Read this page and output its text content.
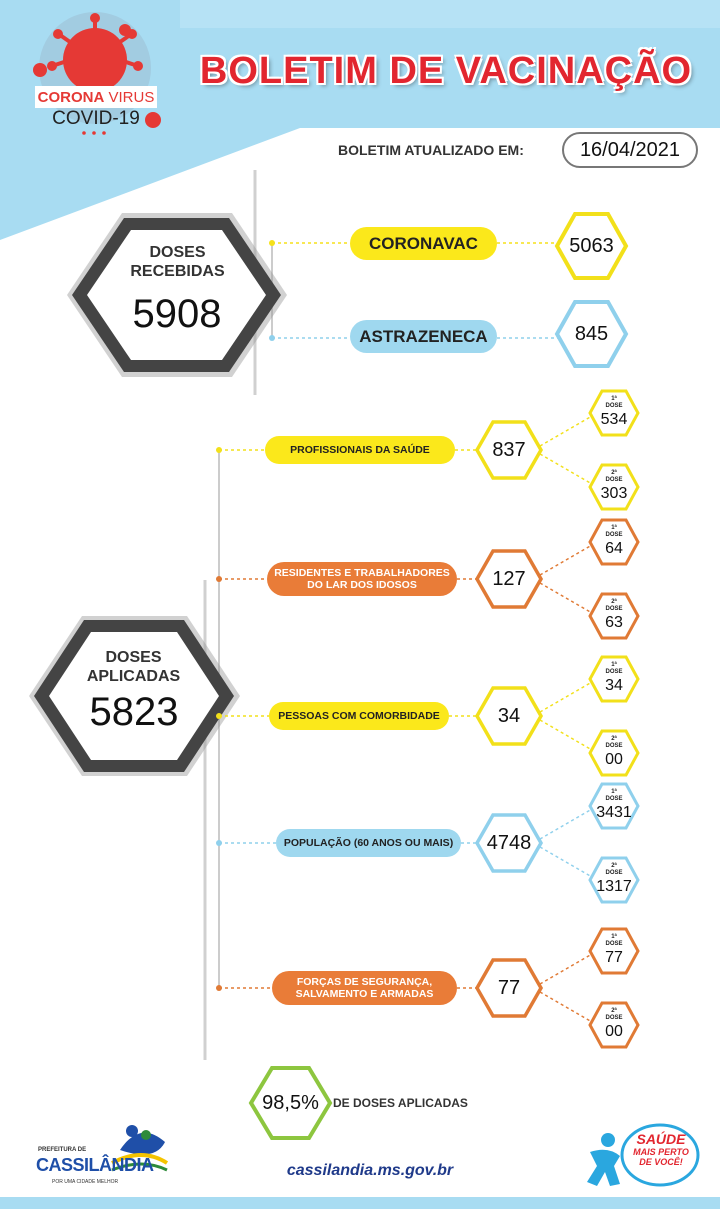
CORONA
VIRUS
COVID-19
BOLETIM DE VACINAÇÃO
BOLETIM ATUALIZADO EM:	16/04/2021
DOSES
RECEBIDAS
5908
CORONAVAC
ASTRAZENECA
5063
845
DOSES
APLICADAS
5823
PROFISSIONAIS DA SAÚDE	837
1ª DOSE
534
2ª DOSE
303
RESIDENTES E TRABALHADORES
DO LAR DOS IDOSOS	127
1ª DOSE
64
2ª DOSE
63
PESSOAS COM COMORBIDADE	34
1ª DOSE
34
2ª DOSE
00
POPULAÇÃO (60 ANOS OU MAIS)	4748
1ª DOSE
3431
2ª DOSE
1317
FORÇAS DE SEGURANÇA,
SALVAMENTO E ARMADAS	77
1ª DOSE
77
2ª DOSE
00
98,5%	DE DOSES APLICADAS
PREFEITURA DE
CASSILÂNDIA
POR UMA CIDADE MELHOR
cassilandia.ms.gov.br
SAÚDE
MAIS PERTO
DE VOCÊ!
